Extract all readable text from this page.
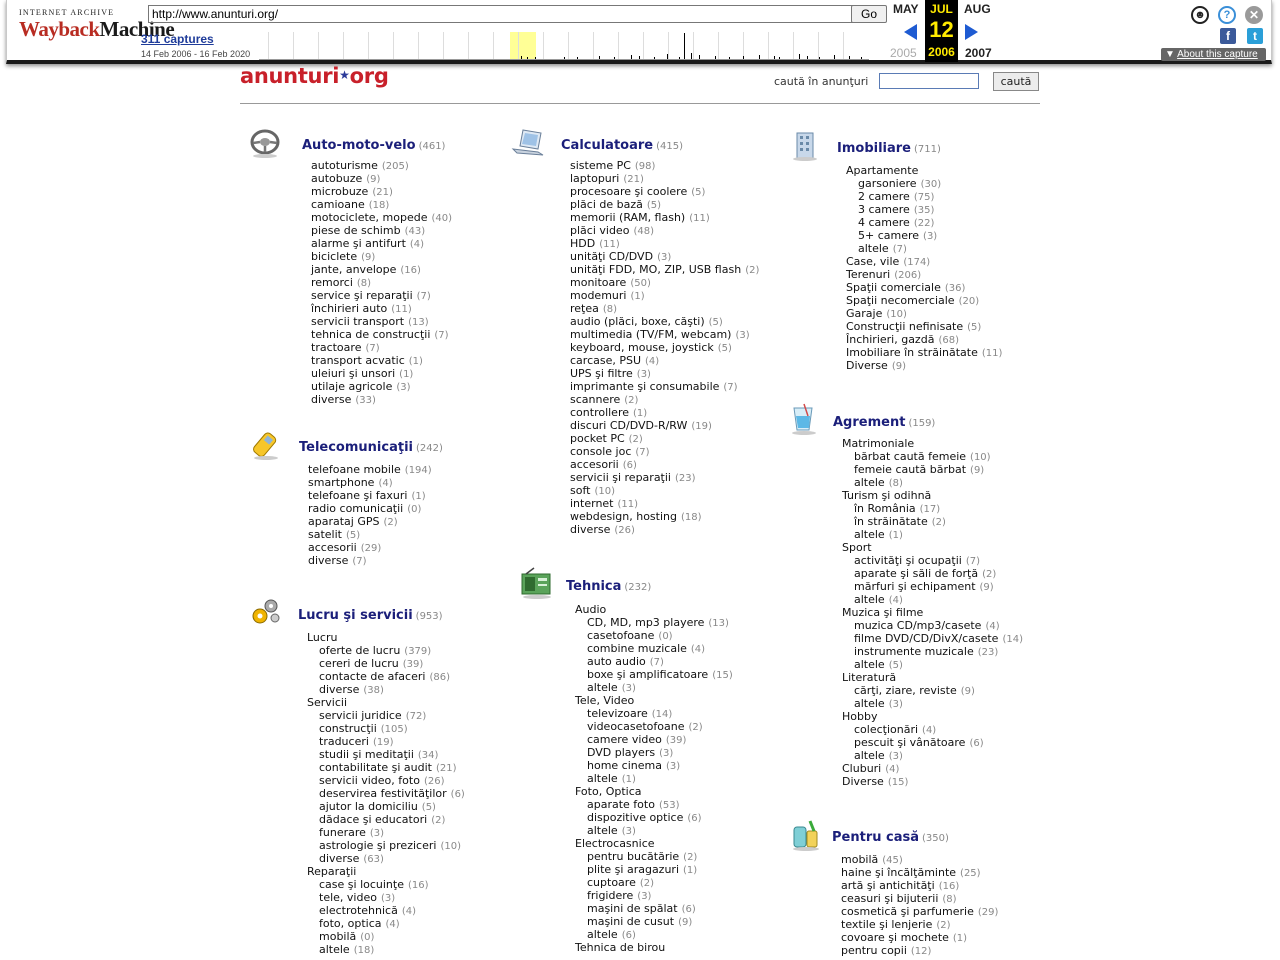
INTERNET ARCHIVE
WaybackMachine
http://www.anunturi.org/	Go
311 captures
14 Feb 2006 - 16 Feb 2020
MAY JUL
12
2006
AUG
2005	2007
☻	?	✕
f	t
▼ About this capture
anunturi★org	caută în anunţuri	caută
Auto-moto-velo (461)
autoturisme (205)
autobuze (9)
microbuze (21)
camioane (18)
motociclete, mopede (40)
piese de schimb (43)
alarme şi antifurt (4)
biciclete (9)
jante, anvelope (16)
remorci (8)
service şi reparaţii (7)
închirieri auto (11)
servicii transport (13)
tehnica de construcţii (7)
tractoare (7)
transport acvatic (1)
uleiuri şi unsori (1)
utilaje agricole (3)
diverse (33)
Telecomunicaţii (242)
telefoane mobile (194)
smartphone (4)
telefoane şi faxuri (1)
radio comunicaţii (0)
aparataj GPS (2)
satelit (5)
accesorii (29)
diverse (7)
Lucru şi servicii (953)
Lucru
oferte de lucru (379)
cereri de lucru (39)
contacte de afaceri (86)
diverse (38)
Servicii
servicii juridice (72)
construcţii (105)
traduceri (19)
studii şi meditaţii (34)
contabilitate şi audit (21)
servicii video, foto (26)
deservirea festivităţilor (6)
ajutor la domiciliu (5)
dădace şi educatori (2)
funerare (3)
astrologie şi preziceri (10)
diverse (63)
Reparaţii
case şi locuinţe (16)
tele, video (3)
electrotehnică (4)
foto, optica (4)
mobilă (0)
altele (18)
Calculatoare (415)
sisteme PC (98)
laptopuri (21)
procesoare şi coolere (5)
plăci de bază (5)
memorii (RAM, flash) (11)
plăci video (48)
HDD (11)
unităţi CD/DVD (3)
unităţi FDD, MO, ZIP, USB flash (2)
monitoare (50)
modemuri (1)
reţea (8)
audio (plăci, boxe, căşti) (5)
multimedia (TV/FM, webcam) (3)
keyboard, mouse, joystick (5)
carcase, PSU (4)
UPS şi filtre (3)
imprimante şi consumabile (7)
scannere (2)
controllere (1)
discuri CD/DVD-R/RW (19)
pocket PC (2)
console joc (7)
accesorii (6)
servicii şi reparaţii (23)
soft (10)
internet (11)
webdesign, hosting (18)
diverse (26)
Tehnica (232)
Audio
CD, MD, mp3 playere (13)
casetofoane (0)
combine muzicale (4)
auto audio (7)
boxe şi amplificatoare (15)
altele (3)
Tele, Video
televizoare (14)
videocasetofoane (2)
camere video (39)
DVD players (3)
home cinema (3)
altele (1)
Foto, Optica
aparate foto (53)
dispozitive optice (6)
altele (3)
Electrocasnice
pentru bucătărie (2)
plite şi aragazuri (1)
cuptoare (2)
frigidere (3)
maşini de spălat (6)
maşini de cusut (9)
altele (6)
Tehnica de birou
Imobiliare (711)
Apartamente
garsoniere (30)
2 camere (75)
3 camere (35)
4 camere (22)
5+ camere (3)
altele (7)
Case, vile (174)
Terenuri (206)
Spaţii comerciale (36)
Spaţii necomerciale (20)
Garaje (10)
Construcţii nefinisate (5)
Închirieri, gazdă (68)
Imobiliare în străinătate (11)
Diverse (9)
Agrement (159)
Matrimoniale
bărbat caută femeie (10)
femeie caută bărbat (9)
altele (8)
Turism şi odihnă
în România (17)
în străinătate (2)
altele (1)
Sport
activităţi şi ocupaţii (7)
aparate şi săli de forţă (2)
mărfuri şi echipament (9)
altele (4)
Muzica şi filme
muzica CD/mp3/casete (4)
filme DVD/CD/DivX/casete (14)
instrumente muzicale (23)
altele (5)
Literatură
cărţi, ziare, reviste (9)
altele (3)
Hobby
colecţionări (4)
pescuit şi vânătoare (6)
altele (3)
Cluburi (4)
Diverse (15)
Pentru casă (350)
mobilă (45)
haine şi încălţăminte (25)
artă şi antichităţi (16)
ceasuri şi bijuterii (8)
cosmetică şi parfumerie (29)
textile şi lenjerie (2)
covoare şi mochete (1)
pentru copii (12)
